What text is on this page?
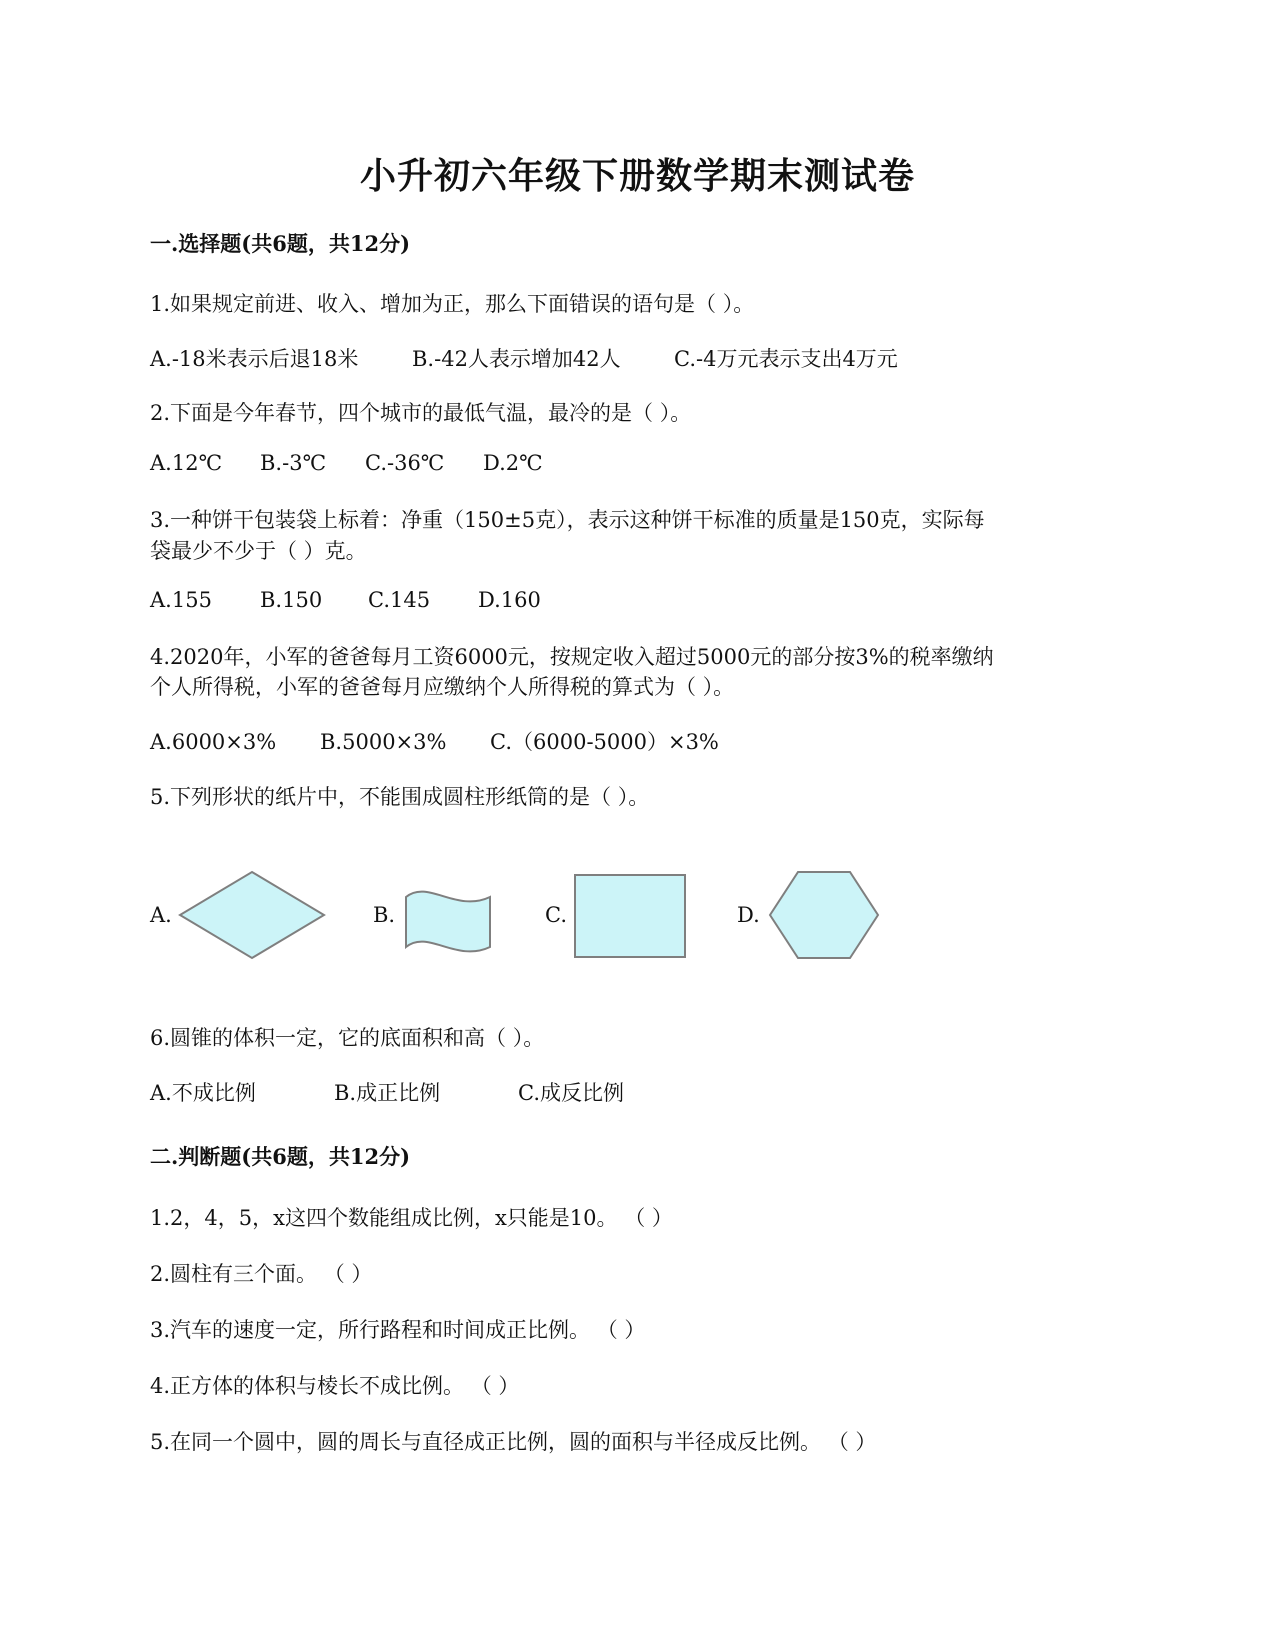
小升初六年级下册数学期末测试卷
一.选择题(共6题，共12分)
1.如果规定前进、收入、增加为正，那么下面错误的语句是（ ）。
A.-18米表示后退18米	B.-42人表示增加42人	C.-4万元表示支出4万元
2.下面是今年春节，四个城市的最低气温，最冷的是（ ）。
A.12℃ B.-3℃ C.-36℃ D.2℃
3.一种饼干包装袋上标着：净重（150±5克），表示这种饼干标准的质量是150克，实际每
袋最少不少于（ ）克。
A.155 B.150 C.145 D.160
4.2020年，小军的爸爸每月工资6000元，按规定收入超过5000元的部分按3%的税率缴纳
个人所得税，小军的爸爸每月应缴纳个人所得税的算式为（ ）。
A.6000×3% B.5000×3% C.（6000-5000）×3%
5.下列形状的纸片中，不能围成圆柱形纸筒的是（ ）。
A.	B.	C.	D.
6.圆锥的体积一定，它的底面积和高（ ）。
A.不成比例	B.成正比例	C.成反比例
二.判断题(共6题，共12分)
1.2，4，5，x这四个数能组成比例，x只能是10。 （ ）
2.圆柱有三个面。 （ ）
3.汽车的速度一定，所行路程和时间成正比例。 （ ）
4.正方体的体积与棱长不成比例。 （ ）
5.在同一个圆中，圆的周长与直径成正比例，圆的面积与半径成反比例。 （ ）
